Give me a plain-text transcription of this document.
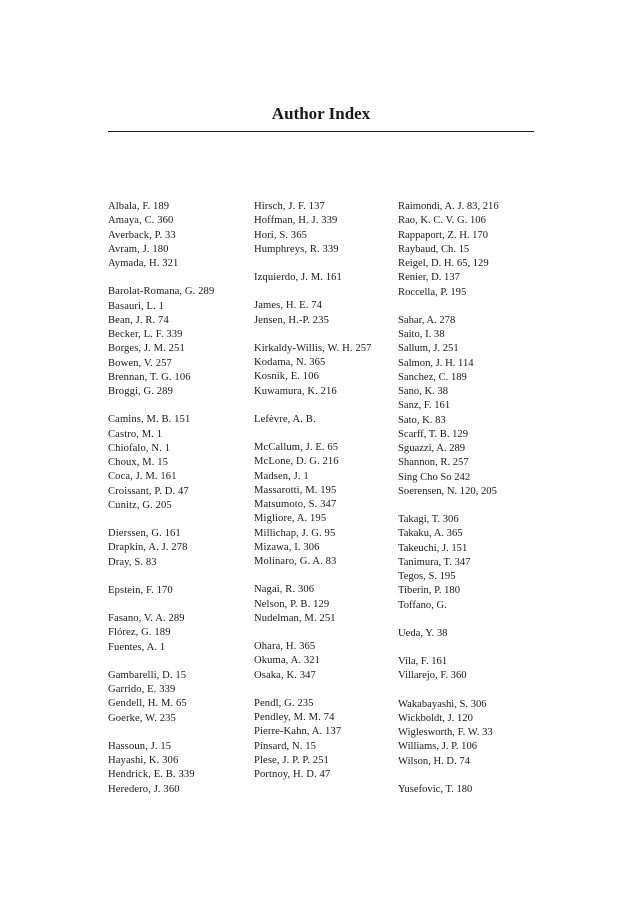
Author Index
Albala, F. 189
Amaya, C. 360
Averback, P. 33
Avram, J. 180
Aymada, H. 321
Barolat-Romana, G. 289
Basauri, L. 1
Bean, J. R. 74
Becker, L. F. 339
Borges, J. M. 251
Bowen, V. 257
Brennan, T. G. 106
Broggi, G. 289
Camins, M. B. 151
Castro, M. 1
Chiofalo, N. 1
Choux, M. 15
Coca, J. M. 161
Croissant, P. D. 47
Cunitz, G. 205
Dierssen, G. 161
Drapkin, A. J. 278
Dray, S. 83
Epstein, F. 170
Fasano, V. A. 289
Flórez, G. 189
Fuentes, A. 1
Gambarelli, D. 15
Garrido, E. 339
Gendell, H. M. 65
Goerke, W. 235
Hassoun, J. 15
Hayashi, K. 306
Hendrick, E. B. 339
Heredero, J. 360
Hirsch, J. F. 137
Hoffman, H. J. 339
Hori, S. 365
Humphreys, R. 339
Izquierdo, J. M. 161
James, H. E. 74
Jensen, H.-P. 235
Kirkaldy-Willis, W. H. 257
Kodama, N. 365
Kosnik, E. 106
Kuwamura, K. 216
Lefèvre, A. B.
McCallum, J. E. 65
McLone, D. G. 216
Madsen, J. 1
Massarotti, M. 195
Matsumoto, S. 347
Migliore, A. 195
Millichap, J. G. 95
Mizawa, I. 306
Molinaro, G. A. 83
Nagai, R. 306
Nelson, P. B. 129
Nudelman, M. 251
Ohara, H. 365
Okuma, A. 321
Osaka, K. 347
Pendl, G. 235
Pendley, M. M. 74
Pierre-Kahn, A. 137
Pinsard, N. 15
Plese, J. P. P. 251
Portnoy, H. D. 47
Raimondi, A. J. 83, 216
Rao, K. C. V. G. 106
Rappaport, Z. H. 170
Raybaud, Ch. 15
Reigel, D. H. 65, 129
Renier, D. 137
Roccella, P. 195
Sahar, A. 278
Saito, I. 38
Sallum, J. 251
Salmon, J. H. 114
Sanchez, C. 189
Sano, K. 38
Sanz, F. 161
Sato, K. 83
Scarff, T. B. 129
Sguazzi, A. 289
Shannon, R. 257
Sing Cho So 242
Soerensen, N. 120, 205
Takagi, T. 306
Takaku, A. 365
Takeuchi, J. 151
Tanimura, T. 347
Tegos, S. 195
Tiberin, P. 180
Toffano, G.
Ueda, Y. 38
Vila, F. 161
Villarejo, F. 360
Wakabayashi, S. 306
Wickboldt, J. 120
Wiglesworth, F. W. 33
Williams, J. P. 106
Wilson, H. D. 74
Yusefovic, T. 180
